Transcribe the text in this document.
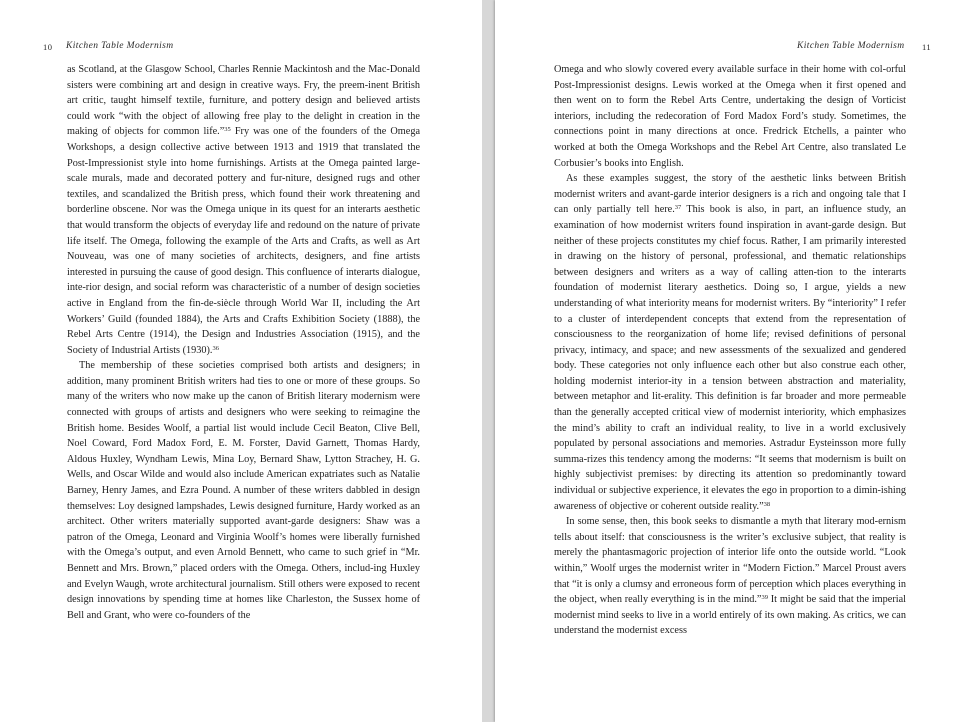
10 Kitchen Table Modernism

as Scotland, at the Glasgow School, Charles Rennie Mackintosh and the Mac-Donald sisters were combining art and design in creative ways. Fry, the preem-inent British art critic, taught himself textile, furniture, and pottery design and believed artists could work “with the object of allowing free play to the delight in creation in the making of objects for common life.”$^{35}$ Fry was one of the founders of the Omega Workshops, a design collective active between 1913 and 1919 that translated the Post-Impressionist style into home furnishings. Artists at the Omega painted large-scale murals, made and decorated pottery and fur-niture, designed rugs and other textiles, and scandalized the British press, which found their work threatening and borderline obscene. Nor was the Omega unique in its quest for an interarts aesthetic that would transform the objects of everyday life and redound on the nature of private life itself. The Omega, following the example of the Arts and Crafts, as well as Art Nouveau, was one of many societies of architects, designers, and fine artists interested in pursuing the cause of good design. This confluence of interarts dialogue, inte-rior design, and social reform was characteristic of a number of design societies active in England from the fin-de-siècle through World War II, including the Art Workers’ Guild (founded 1884), the Arts and Crafts Exhibition Society (1888), the Rebel Arts Centre (1914), the Design and Industries Association (1915), and the Society of Industrial Artists (1930).$^{36}$

The membership of these societies comprised both artists and designers; in addition, many prominent British writers had ties to one or more of these groups. So many of the writers who now make up the canon of British literary modernism were connected with groups of artists and designers who were seeking to reimagine the British home. Besides Woolf, a partial list would include Cecil Beaton, Clive Bell, Noel Coward, Ford Madox Ford, E. M. Forster, David Garnett, Thomas Hardy, Aldous Huxley, Wyndham Lewis, Mina Loy, Bernard Shaw, Lytton Strachey, H. G. Wells, and Oscar Wilde and would also include American expatriates such as Natalie Barney, Henry James, and Ezra Pound. A number of these writers dabbled in design themselves: Loy designed lampshades, Lewis designed furniture, Hardy worked as an architect. Other writers materially supported avant-garde designers: Shaw was a patron of the Omega, Leonard and Virginia Woolf’s homes were liberally furnished with the Omega’s output, and even Arnold Bennett, who came to such grief in “Mr. Bennett and Mrs. Brown,” placed orders with the Omega. Others, includ-ing Huxley and Evelyn Waugh, wrote architectural journalism. Still others were exposed to recent design innovations by spending time at homes like Charleston, the Sussex home of Bell and Grant, who were co-founders of the

Kitchen Table Modernism 11

Omega and who slowly covered every available surface in their home with col-orful Post-Impressionist designs. Lewis worked at the Omega when it first opened and then went on to form the Rebel Arts Centre, undertaking the design of Vorticist interiors, including the redecoration of Ford Madox Ford’s study. Sometimes, the connections point in many directions at once. Fredrick Etchells, a painter who worked at both the Omega Workshops and the Rebel Art Centre, also translated Le Corbusier’s books into English.

As these examples suggest, the story of the aesthetic links between British modernist writers and avant-garde interior designers is a rich and ongoing tale that I can only partially tell here.$^{37}$ This book is also, in part, an influence study, an examination of how modernist writers found inspiration in avant-garde design. But neither of these projects constitutes my chief focus. Rather, I am primarily interested in drawing on the history of personal, professional, and thematic relationships between designers and writers as a way of calling atten-tion to the interarts foundation of modernist literary aesthetics. Doing so, I argue, yields a new understanding of what interiority means for modernist writers. By “interiority” I refer to a cluster of interdependent concepts that extend from the representation of consciousness to the reorganization of home life; revised definitions of personal privacy, intimacy, and space; and new assessments of the sexualized and gendered body. These categories not only influence each other but also construe each other, holding modernist interior-ity in a tension between abstraction and materiality, between metaphor and lit-erality. This definition is far broader and more permeable than the generally accepted critical view of modernist interiority, which emphasizes the mind’s ability to craft an individual reality, to live in a world exclusively populated by personal associations and memories. Astradur Eysteinsson more fully summa-rizes this tendency among the moderns: “It seems that modernism is built on highly subjectivist premises: by directing its attention so predominantly toward individual or subjective experience, it elevates the ego in proportion to a dimin-ishing awareness of objective or coherent outside reality.”$^{38}$

In some sense, then, this book seeks to dismantle a myth that literary mod-ernism tells about itself: that consciousness is the writer’s exclusive subject, that reality is merely the phantasmagoric projection of interior life onto the outside world. “Look within,” Woolf urges the modernist writer in “Modern Fiction.” Marcel Proust avers that “it is only a clumsy and erroneous form of perception which places everything in the object, when really everything is in the mind.”$^{39}$ It might be said that the imperial modernist mind seeks to live in a world entirely of its own making. As critics, we can understand the modernist excess
